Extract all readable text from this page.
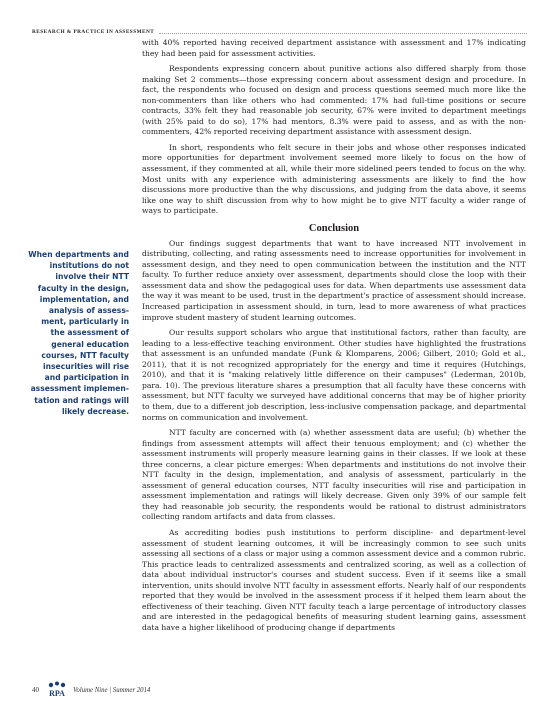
RESEARCH & PRACTICE IN ASSESSMENT

When departments and institutions do not involve their NTT faculty in the design, implementation, and analysis of assessment, particularly in the assessment of general education courses, NTT faculty insecurities will rise and participation in assessment implementation and ratings will likely decrease.

with 40% reported having received department assistance with assessment and 17% indicating they had been paid for assessment activities.

Respondents expressing concern about punitive actions also differed sharply from those making Set 2 comments—those expressing concern about assessment design and procedure. In fact, the respondents who focused on design and process questions seemed much more like the non-commenters than like others who had commented: 17% had full-time positions or secure contracts, 33% felt they had reasonable job security, 67% were invited to department meetings (with 25% paid to do so), 17% had mentors, 8.3% were paid to assess, and as with the non-commenters, 42% reported receiving department assistance with assessment design.

In short, respondents who felt secure in their jobs and whose other responses indicated more opportunities for department involvement seemed more likely to focus on the how of assessment, if they commented at all, while their more sidelined peers tended to focus on the why. Most units with any experience with administering assessments are likely to find the how discussions more productive than the why discussions, and judging from the data above, it seems like one way to shift discussion from why to how might be to give NTT faculty a wider range of ways to participate.

Conclusion

Our findings suggest departments that want to have increased NTT involvement in distributing, collecting, and rating assessments need to increase opportunities for involvement in assessment design, and they need to open communication between the institution and the NTT faculty. To further reduce anxiety over assessment, departments should close the loop with their assessment data and show the pedagogical uses for data. When departments use assessment data the way it was meant to be used, trust in the department's practice of assessment should increase. Increased participation in assessment should, in turn, lead to more awareness of what practices improve student mastery of student learning outcomes.

Our results support scholars who argue that institutional factors, rather than faculty, are leading to a less-effective teaching environment. Other studies have highlighted the frustrations that assessment is an unfunded mandate (Funk & Klomparens, 2006; Gilbert, 2010; Gold et al., 2011), that it is not recognized appropriately for the energy and time it requires (Hutchings, 2010), and that it is "making relatively little difference on their campuses" (Lederman, 2010b, para. 10). The previous literature shares a presumption that all faculty have these concerns with assessment, but NTT faculty we surveyed have additional concerns that may be of higher priority to them, due to a different job description, less-inclusive compensation package, and departmental norms on communication and involvement.

NTT faculty are concerned with (a) whether assessment data are useful; (b) whether the findings from assessment attempts will affect their tenuous employment; and (c) whether the assessment instruments will properly measure learning gains in their classes. If we look at these three concerns, a clear picture emerges: When departments and institutions do not involve their NTT faculty in the design, implementation, and analysis of assessment, particularly in the assessment of general education courses, NTT faculty insecurities will rise and participation in assessment implementation and ratings will likely decrease. Given only 39% of our sample felt they had reasonable job security, the respondents would be rational to distrust administrators collecting random artifacts and data from classes.

As accrediting bodies push institutions to perform discipline- and department-level assessment of student learning outcomes, it will be increasingly common to see such units assessing all sections of a class or major using a common assessment device and a common rubric. This practice leads to centralized assessments and centralized scoring, as well as a collection of data about individual instructor's courses and student success. Even if it seems like a small intervention, units should involve NTT faculty in assessment efforts. Nearly half of our respondents reported that they would be involved in the assessment process if it helped them learn about the effectiveness of their teaching. Given NTT faculty teach a large percentage of introductory classes and are interested in the pedagogical benefits of measuring student learning gains, assessment data have a higher likelihood of producing change if departments

40 RPA Volume Nine | Summer 2014
